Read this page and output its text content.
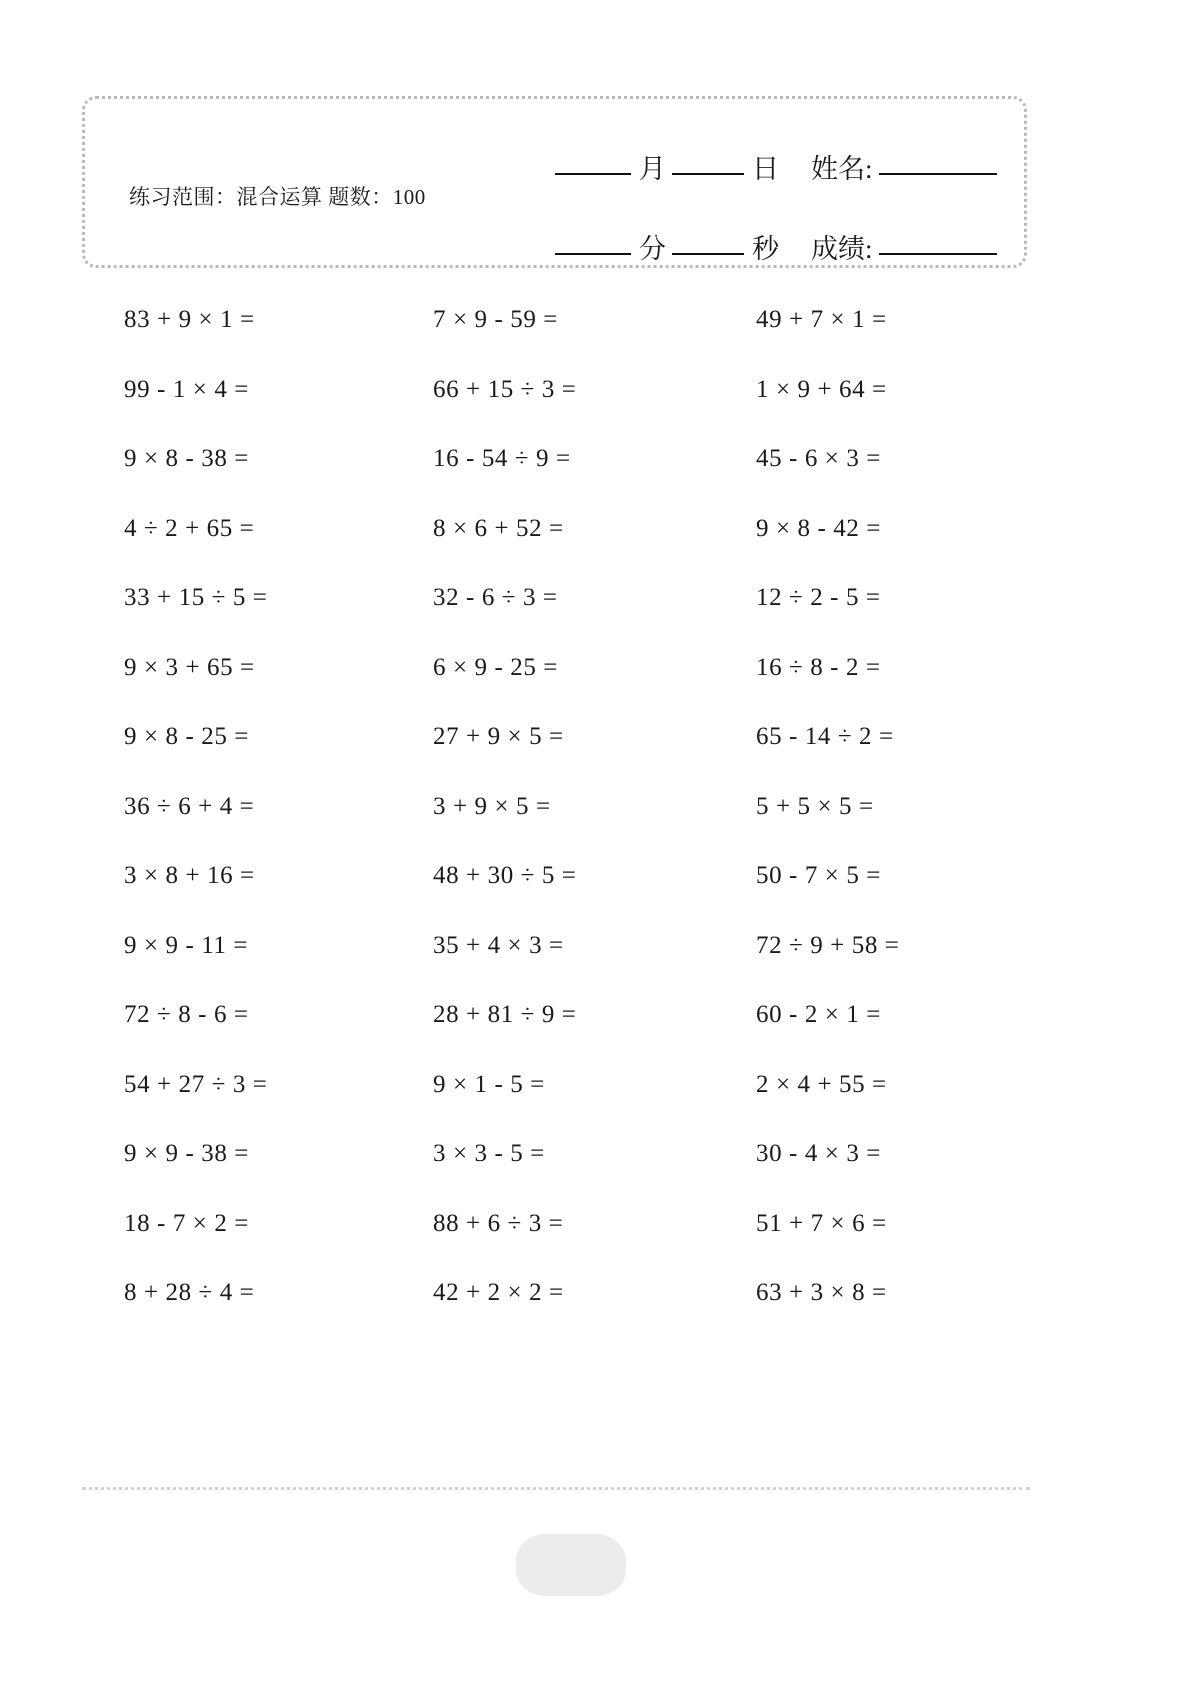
练习范围：混合运算 题数：100
月	日	姓名:
分	秒	成绩:
83 + 9 × 1 =	7 × 9 - 59 =	49 + 7 × 1 =
99 - 1 × 4 =	66 + 15 ÷ 3 =	1 × 9 + 64 =
9 × 8 - 38 =	16 - 54 ÷ 9 =	45 - 6 × 3 =
4 ÷ 2 + 65 =	8 × 6 + 52 =	9 × 8 - 42 =
33 + 15 ÷ 5 =	32 - 6 ÷ 3 =	12 ÷ 2 - 5 =
9 × 3 + 65 =	6 × 9 - 25 =	16 ÷ 8 - 2 =
9 × 8 - 25 =	27 + 9 × 5 =	65 - 14 ÷ 2 =
36 ÷ 6 + 4 =	3 + 9 × 5 =	5 + 5 × 5 =
3 × 8 + 16 =	48 + 30 ÷ 5 =	50 - 7 × 5 =
9 × 9 - 11 =	35 + 4 × 3 =	72 ÷ 9 + 58 =
72 ÷ 8 - 6 =	28 + 81 ÷ 9 =	60 - 2 × 1 =
54 + 27 ÷ 3 =	9 × 1 - 5 =	2 × 4 + 55 =
9 × 9 - 38 =	3 × 3 - 5 =	30 - 4 × 3 =
18 - 7 × 2 =	88 + 6 ÷ 3 =	51 + 7 × 6 =
8 + 28 ÷ 4 =	42 + 2 × 2 =	63 + 3 × 8 =
